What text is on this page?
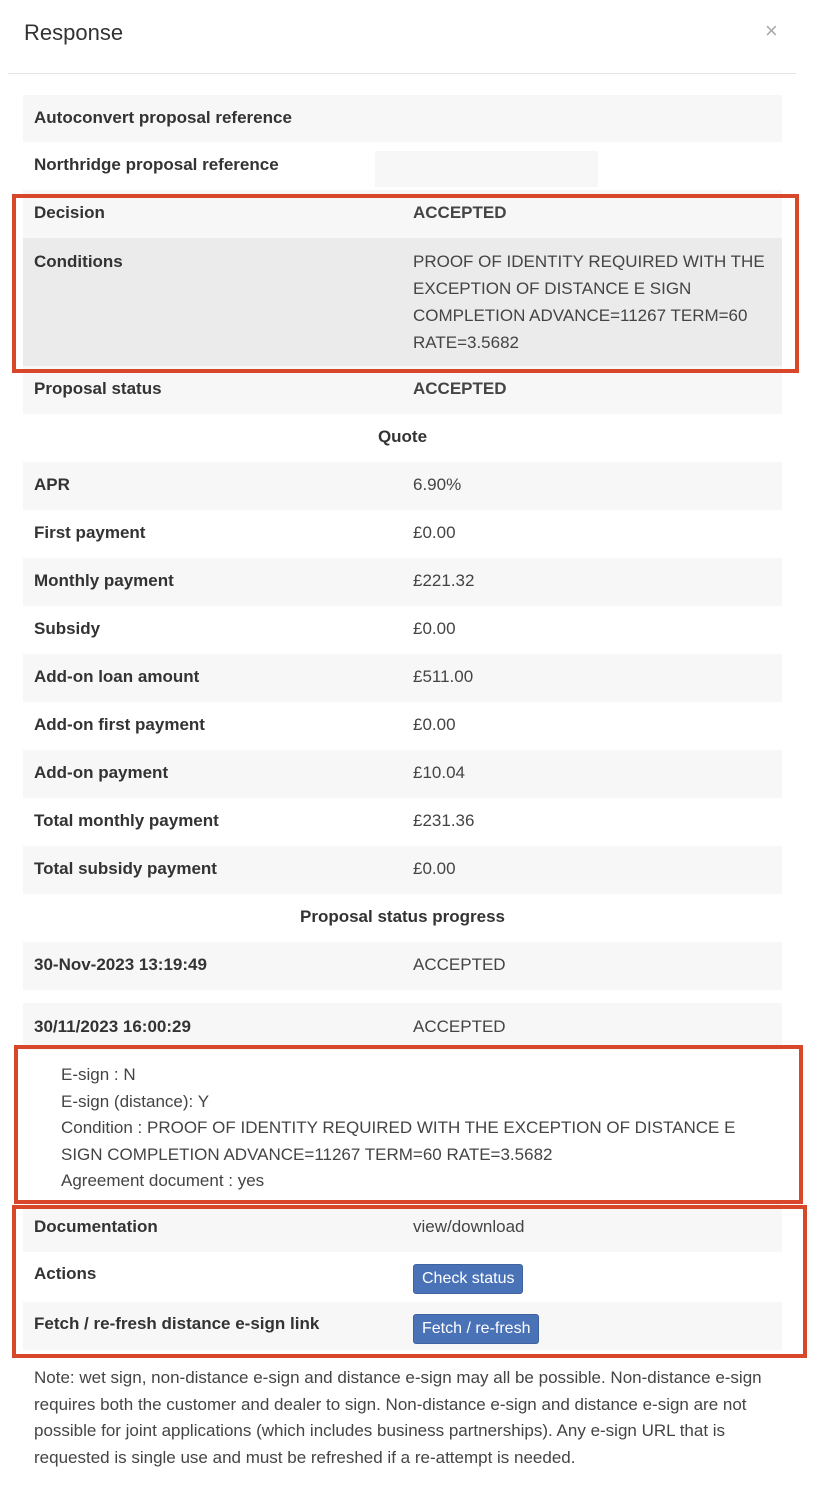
Response	×
Autoconvert proposal reference
Northridge proposal reference
Decision	ACCEPTED
Conditions	PROOF OF IDENTITY REQUIRED WITH THE EXCEPTION OF DISTANCE E SIGN COMPLETION ADVANCE=11267 TERM=60 RATE=3.5682
Proposal status	ACCEPTED
Quote
APR	6.90%
First payment	£0.00
Monthly payment	£221.32
Subsidy	£0.00
Add-on loan amount	£511.00
Add-on first payment	£0.00
Add-on payment	£10.04
Total monthly payment	£231.36
Total subsidy payment	£0.00
Proposal status progress
30-Nov-2023 13:19:49	ACCEPTED
30/11/2023 16:00:29	ACCEPTED
E-sign : N
E-sign (distance): Y
Condition : PROOF OF IDENTITY REQUIRED WITH THE EXCEPTION OF DISTANCE E SIGN COMPLETION ADVANCE=11267 TERM=60 RATE=3.5682
Agreement document : yes
Documentation	view/download
Actions	Check status
Fetch / re-fresh distance e-sign link	Fetch / re-fresh
Note: wet sign, non-distance e-sign and distance e-sign may all be possible. Non-distance e-sign requires both the customer and dealer to sign. Non-distance e-sign and distance e-sign are not possible for joint applications (which includes business partnerships). Any e-sign URL that is requested is single use and must be refreshed if a re-attempt is needed.
